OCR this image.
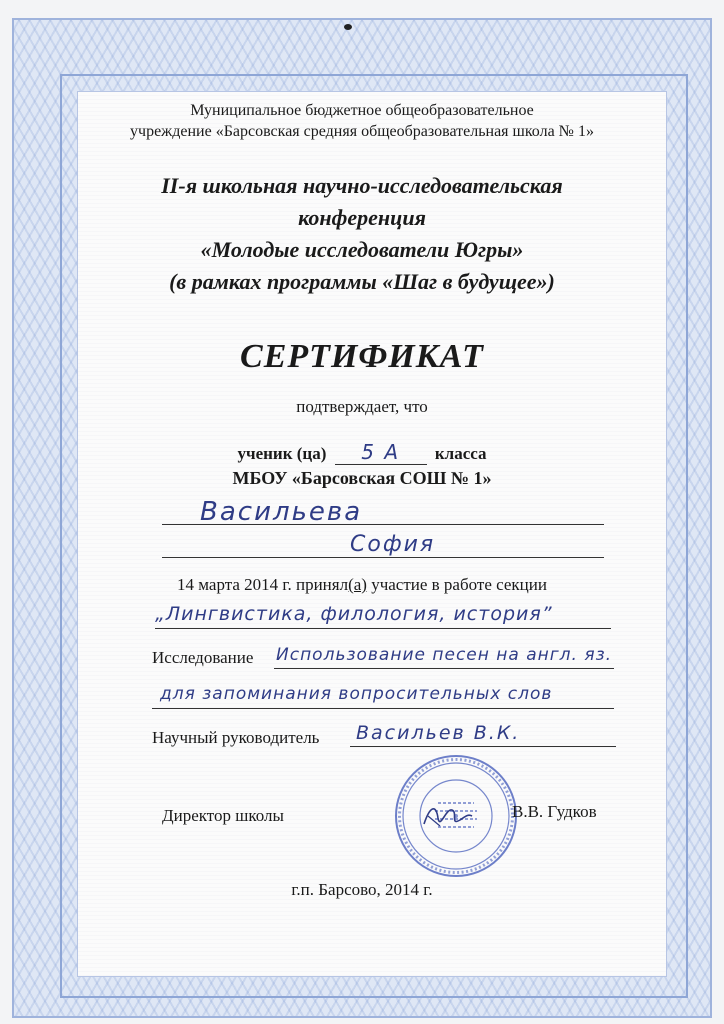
Муниципальное бюджетное общеобразовательное
учреждение «Барсовская средняя общеобразовательная школа № 1»
II-я школьная научно-исследовательская
конференция
«Молодые исследователи Югры»
(в рамках программы «Шаг в будущее»)
СЕРТИФИКАТ
подтверждает, что
ученик (ца) 5 А класса
МБОУ «Барсовская СОШ № 1»
Васильева
София
14 марта 2014 г. принял(а) участие в работе секции
„Лингвистика, филология, история”
Исследование Использование песен на англ. яз.
для запоминания вопросительных слов
Научный руководитель Васильев В.К.
Директор школы	В.В. Гудков
г.п. Барсово, 2014 г.
